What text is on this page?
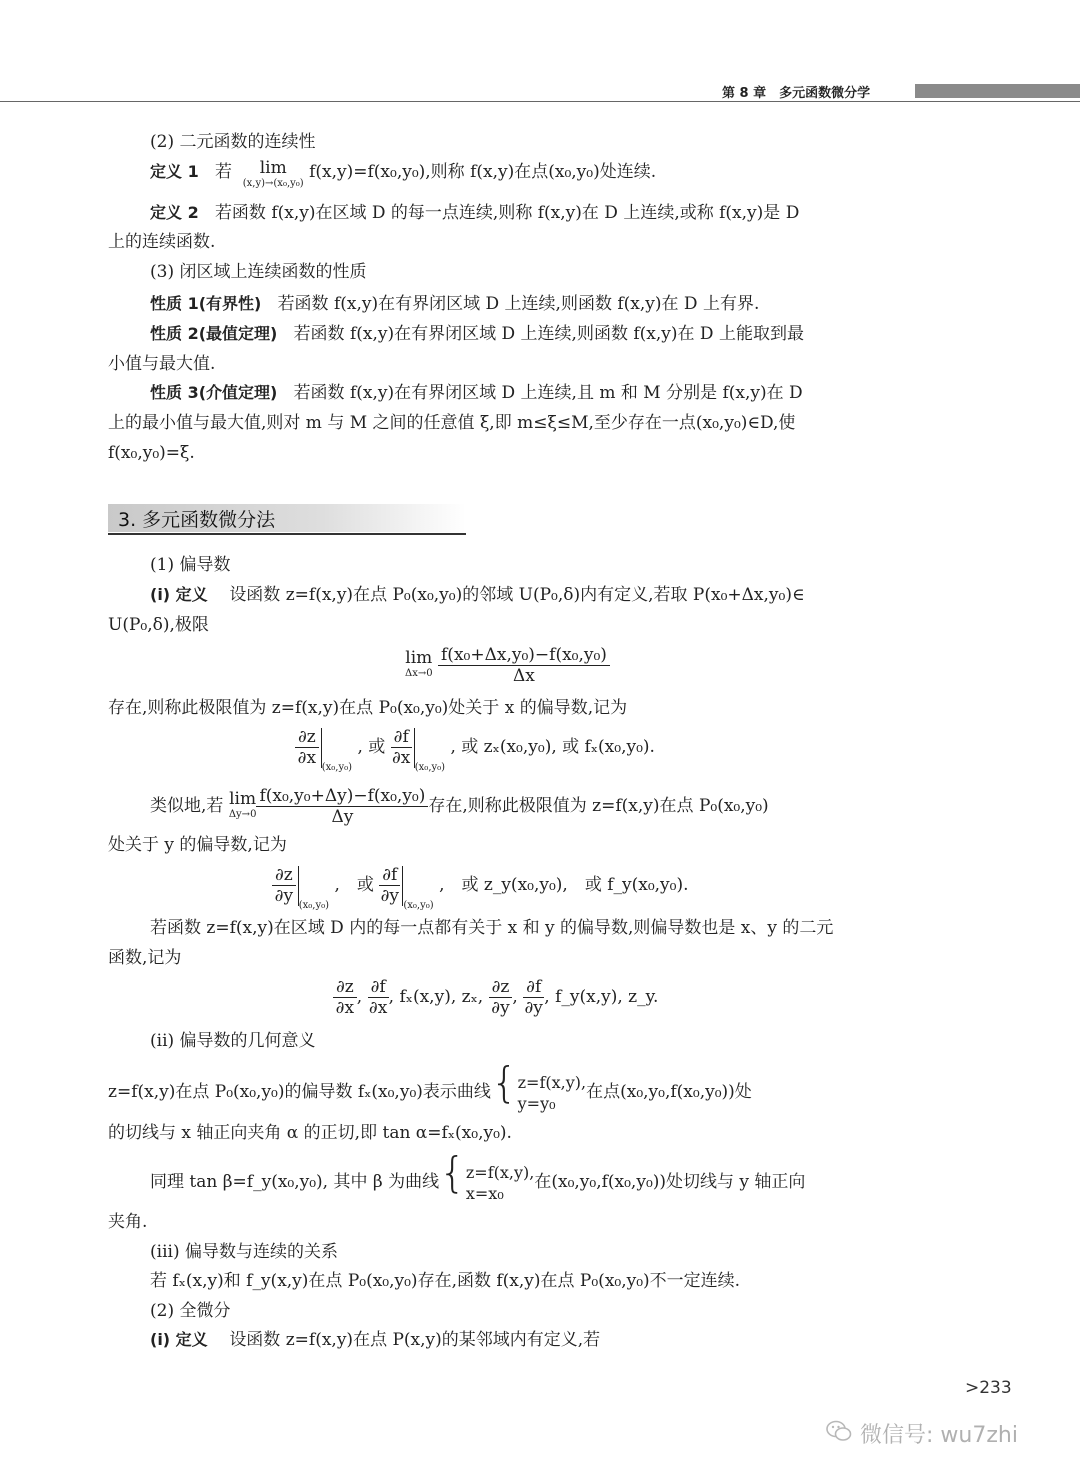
第 8 章　多元函数微分学
(2) 二元函数的连续性
定义 1 若	lim
(x,y)→(x₀,y₀)
f(x,y)=f(x₀,y₀),则称 f(x,y)在点(x₀,y₀)处连续.
定义 2 若函数 f(x,y)在区域 D 的每一点连续,则称 f(x,y)在 D 上连续,或称 f(x,y)是 D
上的连续函数.
(3) 闭区域上连续函数的性质
性质 1(有界性) 若函数 f(x,y)在有界闭区域 D 上连续,则函数 f(x,y)在 D 上有界.
性质 2(最值定理) 若函数 f(x,y)在有界闭区域 D 上连续,则函数 f(x,y)在 D 上能取到最
小值与最大值.
性质 3(介值定理) 若函数 f(x,y)在有界闭区域 D 上连续,且 m 和 M 分别是 f(x,y)在 D
上的最小值与最大值,则对 m 与 M 之间的任意值 ξ,即 m≤ξ≤M,至少存在一点(x₀,y₀)∈D,使
f(x₀,y₀)=ξ.
3. 多元函数微分法
(1) 偏导数
(i) 定义 设函数 z=f(x,y)在点 P₀(x₀,y₀)的邻域 U(P₀,δ)内有定义,若取 P(x₀+Δx,y₀)∈
U(P₀,δ),极限
lim
Δx→0
$\frac{\text{f(x₀+Δx,y₀)−f(x₀,y₀)}}{\Delta x}$
存在,则称此极限值为 z=f(x,y)在点 P₀(x₀,y₀)处关于 x 的偏导数,记为
$\frac{\partial z}{\partial x} _{(x_0,y_0)}$ , 或 $\frac{\partial f}{\partial x} _{(x_0,y_0)}$ , 或 zₓ(x₀,y₀), 或 fₓ(x₀,y₀).
类似地,若 lim
$\Delta y\to 0 \frac{\text{f(x₀,y₀+Δy)−f(x₀,y₀)}}{\Delta y}$ 存在,则称此极限值为 z=f(x,y)在点 P₀(x₀,y₀)
处关于 y 的偏导数,记为
$\frac{\partial z}{\partial y} _{(x_0,y_0)}$ ,　或 $\frac{\partial f}{\partial y} _{(x_0,y_0)}$ ,　或 z_y(x₀,y₀),　或 f_y(x₀,y₀).
若函数 z=f(x,y)在区域 D 内的每一点都有关于 x 和 y 的偏导数,则偏导数也是 x、y 的二元
函数,记为
$\frac{\partial z}{\partial x}$ , $\frac{\partial f}{\partial x}$ , fₓ(x,y), zₓ, $\frac{\partial z}{\partial y}$ , $\frac{\partial f}{\partial y}$ , f_y(x,y), z_y.
(ii) 偏导数的几何意义
z=f(x,y)在点 P₀(x₀,y₀)的偏导数 fₓ(x₀,y₀)表示曲线{ z=f(x,y),
y=y₀
在点(x₀,y₀,f(x₀,y₀))处
的切线与 x 轴正向夹角 α 的正切,即 tan α=fₓ(x₀,y₀).
同理 tan β=f_y(x₀,y₀), 其中 β 为曲线{ z=f(x,y),
x=x₀
在(x₀,y₀,f(x₀,y₀))处切线与 y 轴正向
夹角.
(iii) 偏导数与连续的关系
若 fₓ(x,y)和 f_y(x,y)在点 P₀(x₀,y₀)存在,函数 f(x,y)在点 P₀(x₀,y₀)不一定连续.
(2) 全微分
(i) 定义 设函数 z=f(x,y)在点 P(x,y)的某邻域内有定义,若
>233
微信号: wu7zhi
